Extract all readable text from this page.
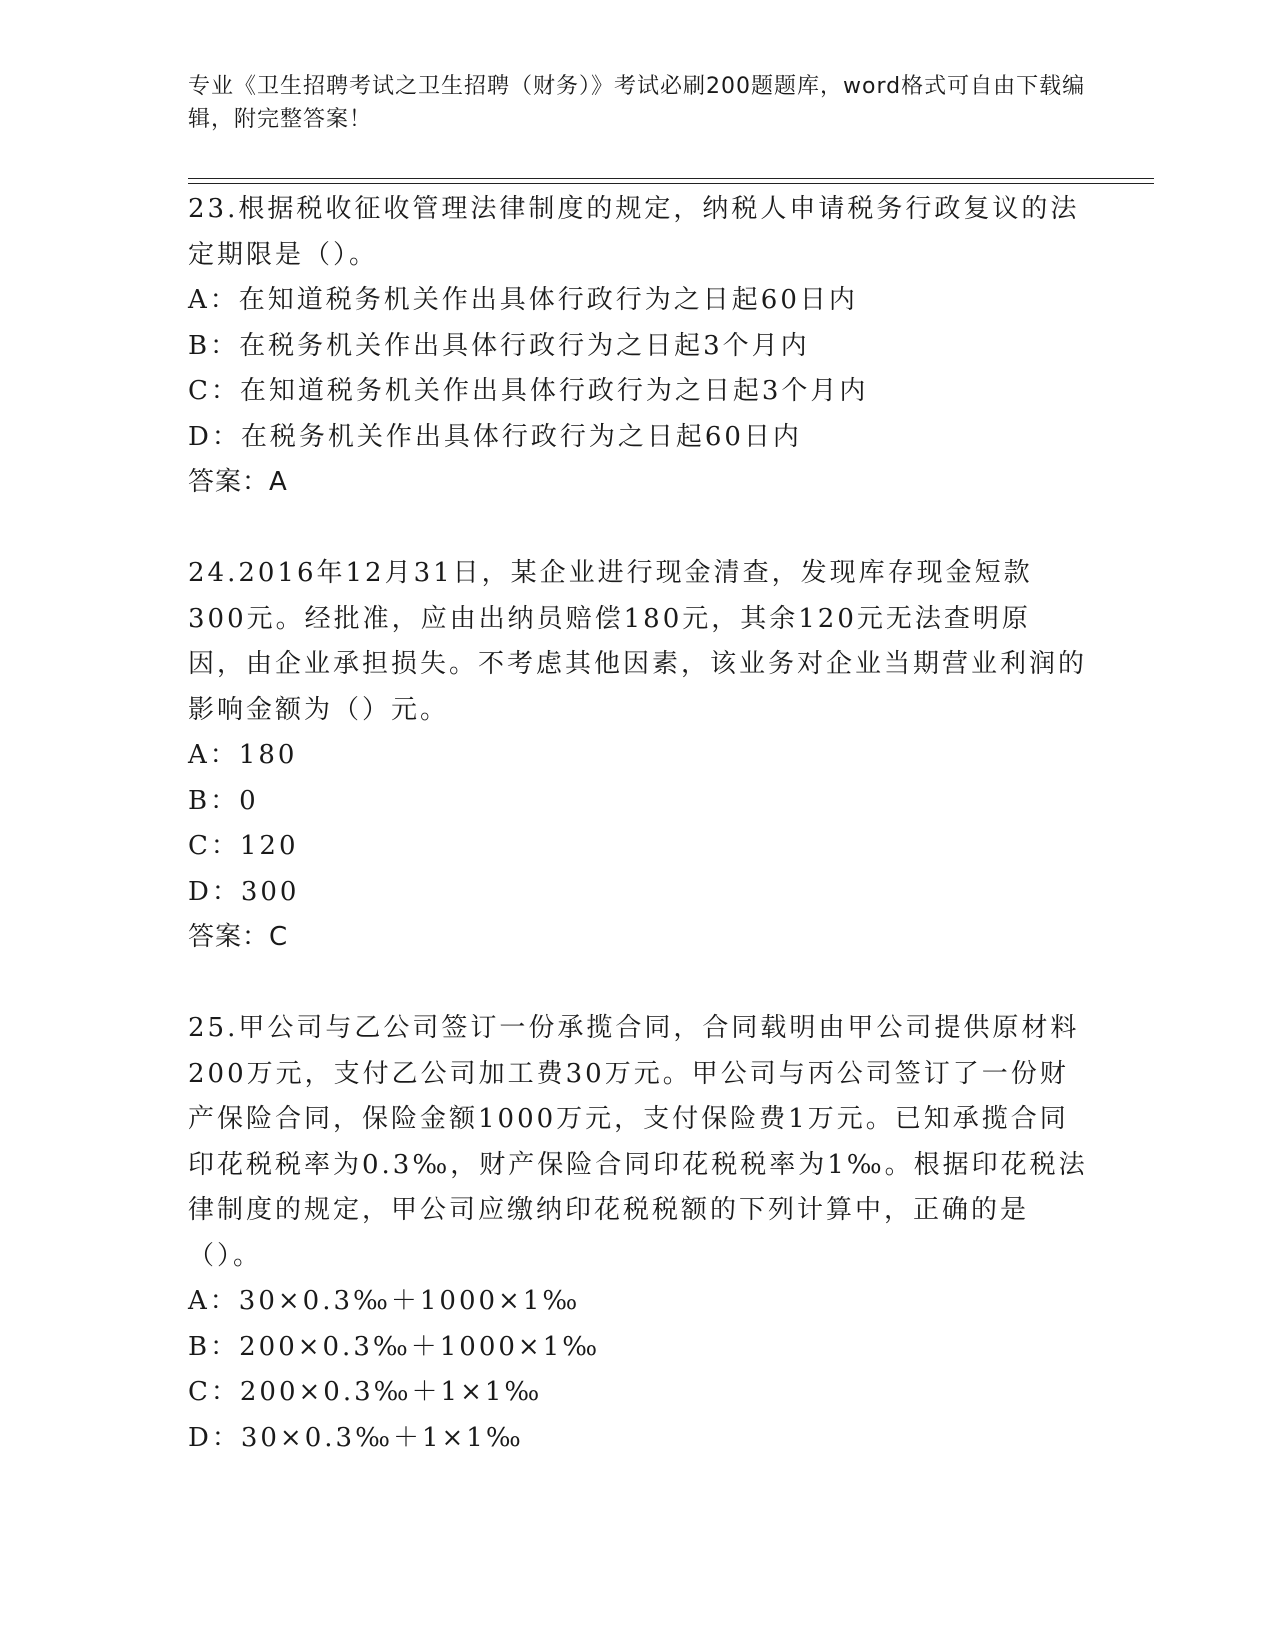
专业《卫生招聘考试之卫生招聘（财务）》考试必刷200题题库，word格式可自由下载编辑，附完整答案！
23.根据税收征收管理法律制度的规定，纳税人申请税务行政复议的法定期限是（）。
A：在知道税务机关作出具体行政行为之日起60日内
B：在税务机关作出具体行政行为之日起3个月内
C：在知道税务机关作出具体行政行为之日起3个月内
D：在税务机关作出具体行政行为之日起60日内
答案：A
24.2016年12月31日，某企业进行现金清查，发现库存现金短款300元。经批准，应由出纳员赔偿180元，其余120元无法查明原因，由企业承担损失。不考虑其他因素，该业务对企业当期营业利润的影响金额为（）元。
A：180
B：0
C：120
D：300
答案：C
25.甲公司与乙公司签订一份承揽合同，合同载明由甲公司提供原材料200万元，支付乙公司加工费30万元。甲公司与丙公司签订了一份财产保险合同，保险金额1000万元，支付保险费1万元。已知承揽合同印花税税率为0.3‰，财产保险合同印花税税率为1‰。根据印花税法律制度的规定，甲公司应缴纳印花税税额的下列计算中，正确的是（）。
A：30×0.3‰＋1000×1‰
B：200×0.3‰＋1000×1‰
C：200×0.3‰＋1×1‰
D：30×0.3‰＋1×1‰
